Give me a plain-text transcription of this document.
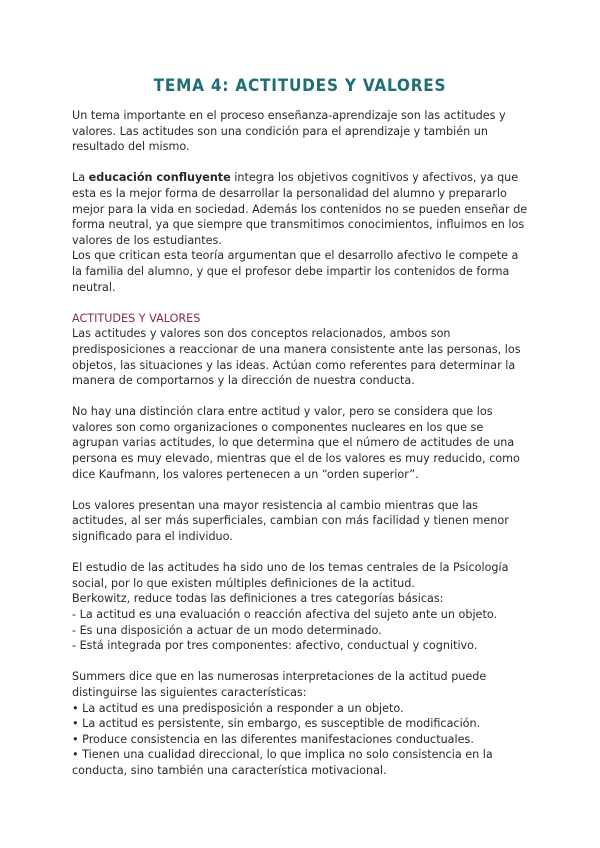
TEMA 4: ACTITUDES Y VALORES

Un tema importante en el proceso enseñanza-aprendizaje son las actitudes y valores. Las actitudes son una condición para el aprendizaje y también un resultado del mismo.

La educación confluyente integra los objetivos cognitivos y afectivos, ya que esta es la mejor forma de desarrollar la personalidad del alumno y prepararlo mejor para la vida en sociedad. Además los contenidos no se pueden enseñar de forma neutral, ya que siempre que transmitimos conocimientos, influimos en los valores de los estudiantes.

Los que critican esta teoría argumentan que el desarrollo afectivo le compete a la familia del alumno, y que el profesor debe impartir los contenidos de forma neutral.

ACTITUDES Y VALORES

Las actitudes y valores son dos conceptos relacionados, ambos son predisposiciones a reaccionar de una manera consistente ante las personas, los objetos, las situaciones y las ideas. Actúan como referentes para determinar la manera de comportarnos y la dirección de nuestra conducta.

No hay una distinción clara entre actitud y valor, pero se considera que los valores son como organizaciones o componentes nucleares en los que se agrupan varias actitudes, lo que determina que el número de actitudes de una persona es muy elevado, mientras que el de los valores es muy reducido, como dice Kaufmann, los valores pertenecen a un “orden superior”.

Los valores presentan una mayor resistencia al cambio mientras que las actitudes, al ser más superficiales, cambian con más facilidad y tienen menor significado para el individuo.

El estudio de las actitudes ha sido uno de los temas centrales de la Psicología social, por lo que existen múltiples definiciones de la actitud.

Berkowitz, reduce todas las definiciones a tres categorías básicas:

- La actitud es una evaluación o reacción afectiva del sujeto ante un objeto.

- Es una disposición a actuar de un modo determinado.

- Está integrada por tres componentes: afectivo, conductual y cognitivo.

Summers dice que en las numerosas interpretaciones de la actitud puede distinguirse las siguientes características:

• La actitud es una predisposición a responder a un objeto.

• La actitud es persistente, sin embargo, es susceptible de modificación.

• Produce consistencia en las diferentes manifestaciones conductuales.

• Tienen una cualidad direccional, lo que implica no solo consistencia en la conducta, sino también una característica motivacional.
